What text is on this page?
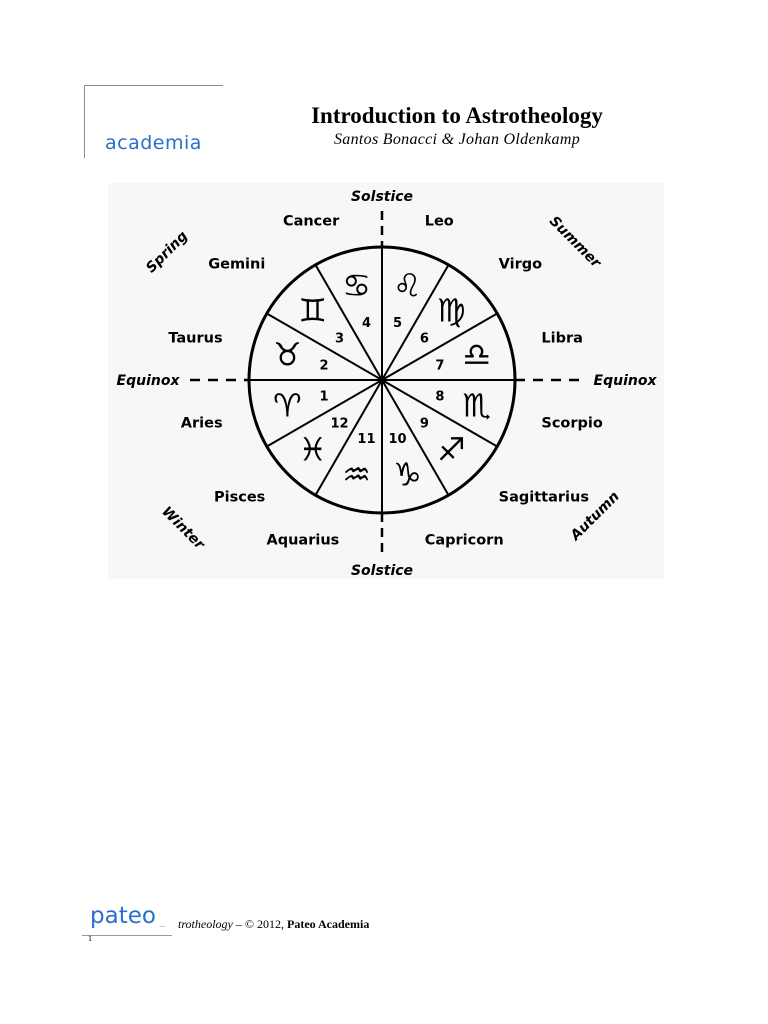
academia
Introduction to Astrotheology
Santos Bonacci & Johan Oldenkamp
♈ 1
Aries
♉ 2
Taurus
♊
3
Gemini
♋
4
Cancer
♌
5
Leo
♍
6
Virgo
♎
7
Libra
♏
8
Scorpio
♐
9
Sagittarius
♑
10
Capricorn
♒
11
Aquarius
♓
12
Pisces
Solstice
Solstice
Equinox	Equinox
Spring	Summer
Autumn
Winter
pateo .. trotheology – © 2012, Pateo Academia
1
